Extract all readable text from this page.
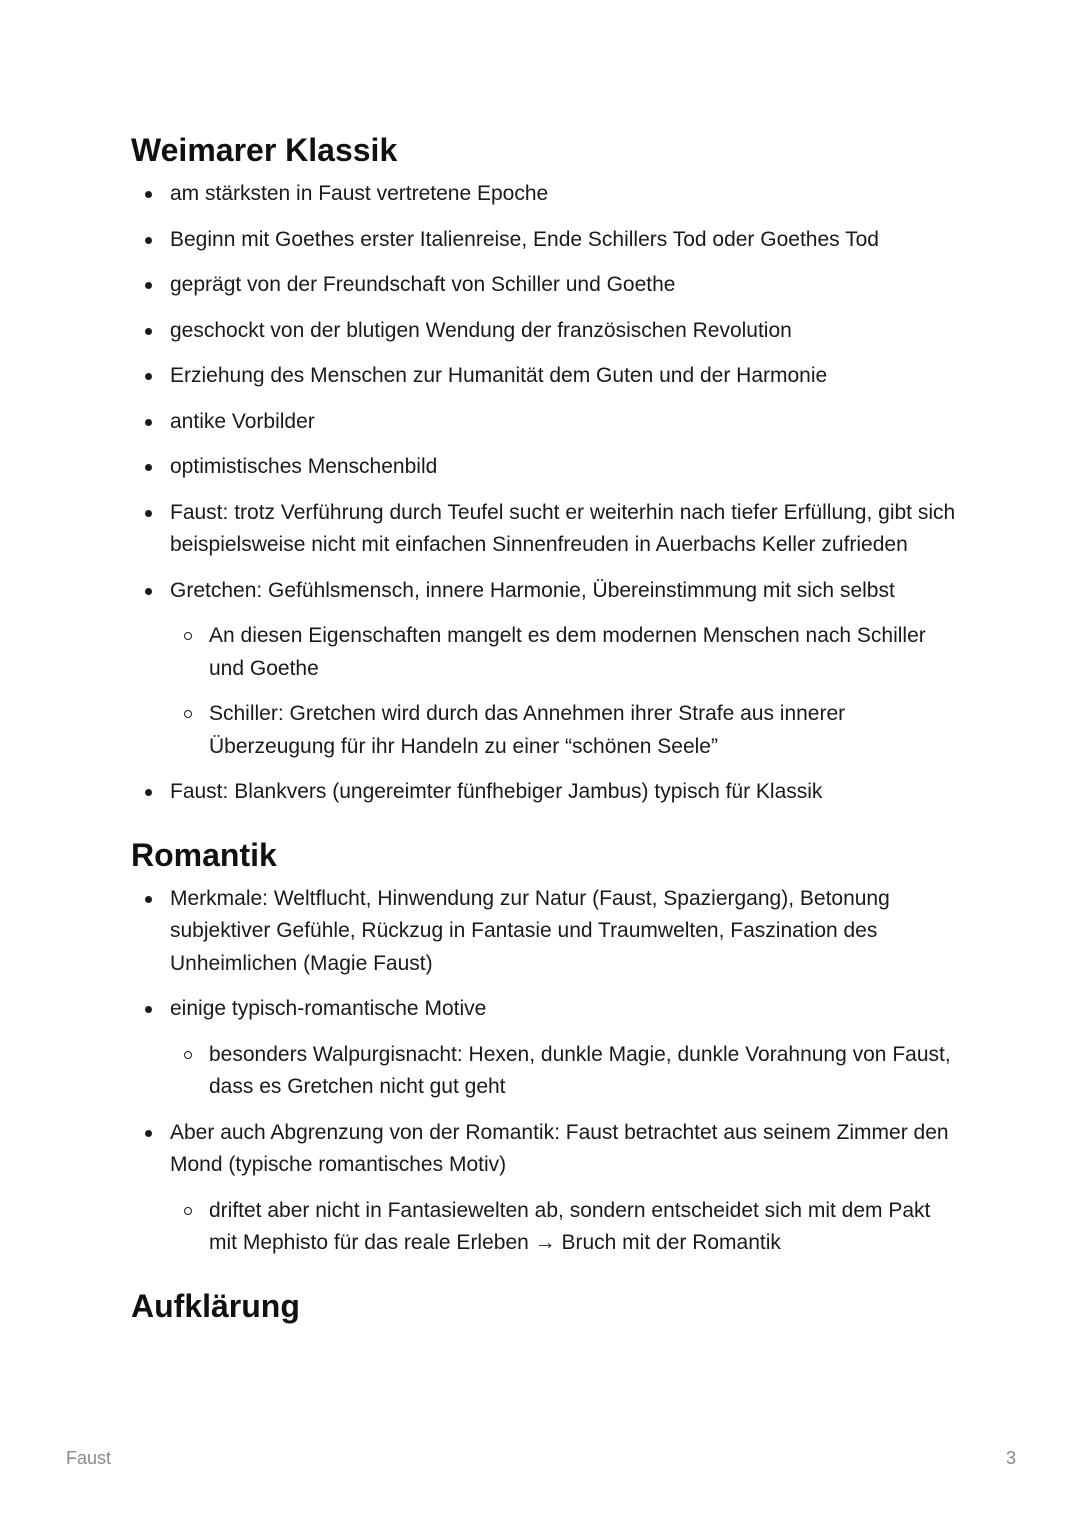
Weimarer Klassik
am stärksten in Faust vertretene Epoche
Beginn mit Goethes erster Italienreise, Ende Schillers Tod oder Goethes Tod
geprägt von der Freundschaft von Schiller und Goethe
geschockt von der blutigen Wendung der französischen Revolution
Erziehung des Menschen zur Humanität dem Guten und der Harmonie
antike Vorbilder
optimistisches Menschenbild
Faust: trotz Verführung durch Teufel sucht er weiterhin nach tiefer Erfüllung, gibt sich beispielsweise nicht mit einfachen Sinnenfreuden in Auerbachs Keller zufrieden
Gretchen: Gefühlsmensch, innere Harmonie, Übereinstimmung mit sich selbst
An diesen Eigenschaften mangelt es dem modernen Menschen nach Schiller und Goethe
Schiller: Gretchen wird durch das Annehmen ihrer Strafe aus innerer Überzeugung für ihr Handeln zu einer “schönen Seele”
Faust: Blankvers (ungereimter fünfhebiger Jambus) typisch für Klassik
Romantik
Merkmale: Weltflucht, Hinwendung zur Natur (Faust, Spaziergang), Betonung subjektiver Gefühle, Rückzug in Fantasie und Traumwelten, Faszination des Unheimlichen (Magie Faust)
einige typisch-romantische Motive
besonders Walpurgisnacht: Hexen, dunkle Magie, dunkle Vorahnung von Faust, dass es Gretchen nicht gut geht
Aber auch Abgrenzung von der Romantik: Faust betrachtet aus seinem Zimmer den Mond (typische romantisches Motiv)
driftet aber nicht in Fantasiewelten ab, sondern entscheidet sich mit dem Pakt mit Mephisto für das reale Erleben → Bruch mit der Romantik
Aufklärung
Faust	3
